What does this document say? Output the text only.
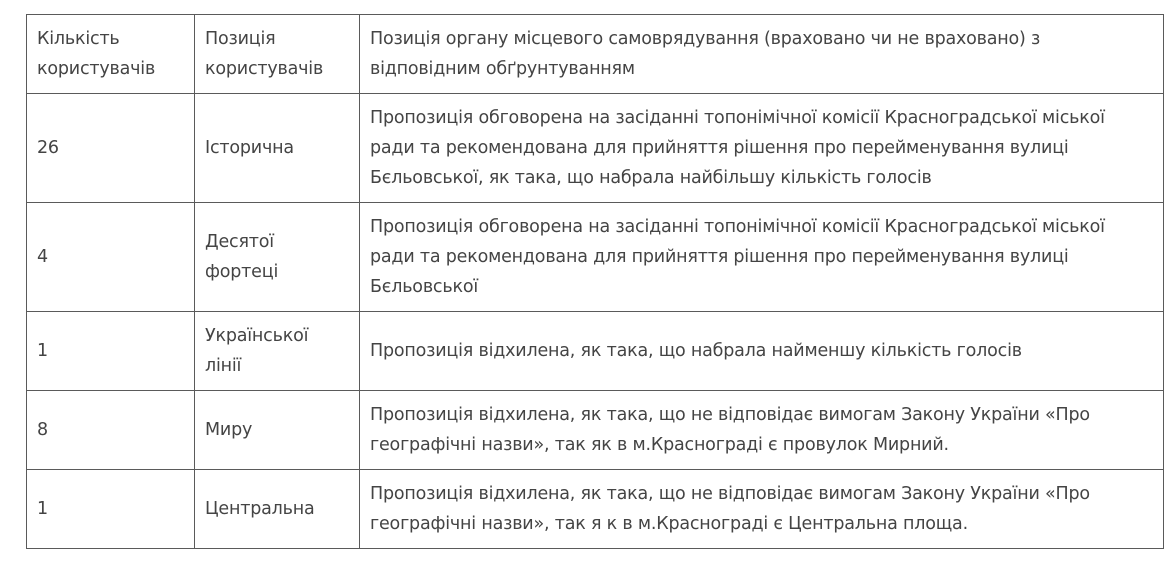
Кількість користувачів	Позиція користувачів	Позиція органу місцевого самоврядування (враховано чи не враховано) з відповідним обґрунтуванням
26	Історична	Пропозиція обговорена на засіданні топонімічної комісії Красноградської міської ради та рекомендована для прийняття рішення про перейменування вулиці Бєльовської, як така, що набрала найбільшу кількість голосів
4	Десятої фортеці	Пропозиція обговорена на засіданні топонімічної комісії Красноградської міської ради та рекомендована для прийняття рішення про перейменування вулиці Бєльовської
1	Української лінії	Пропозиція відхилена, як така, що набрала найменшу кількість голосів
8	Миру	Пропозиція відхилена, як така, що не відповідає вимогам Закону України «Про географічні назви», так як в м.Краснограді є провулок Мирний.
1	Центральна	Пропозиція відхилена, як така, що не відповідає вимогам Закону України «Про географічні назви», так я к в м.Краснограді є Центральна площа.
